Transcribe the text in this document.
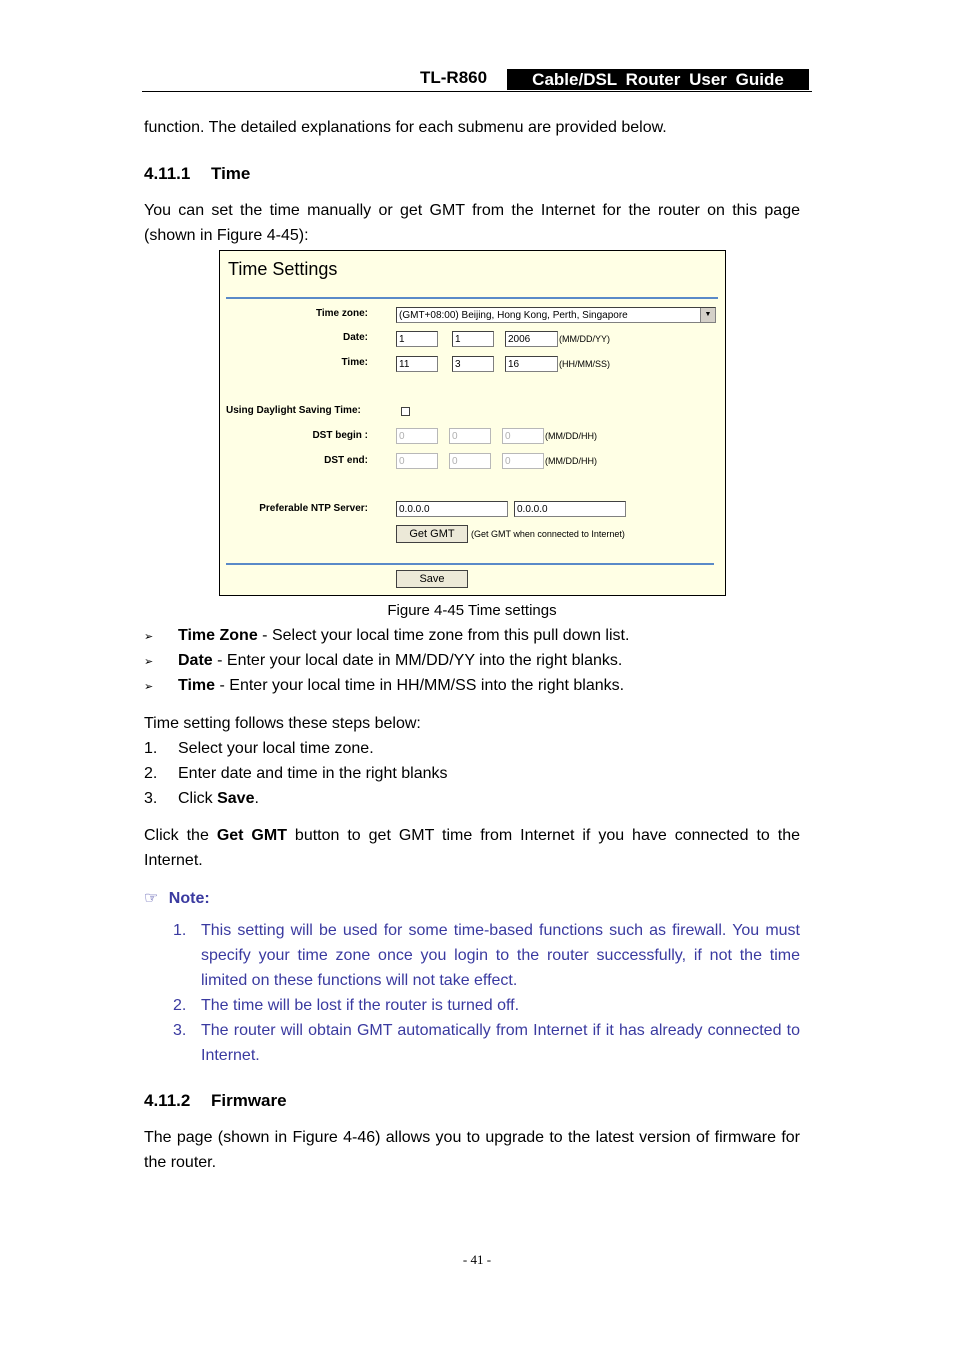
TL-R860	Cable/DSL Router User Guide
function. The detailed explanations for each submenu are provided below.
4.11.1 Time
You can set the time manually or get GMT from the Internet for the router on this page (shown in Figure 4-45):
Time Settings
Time zone:	(GMT+08:00) Beijing, Hong Kong, Perth, Singapore	▼
Date:	1	1	2006	(MM/DD/YY)
Time:	11	3	16	(HH/MM/SS)
Using Daylight Saving Time:
DST begin :	0	0	0	(MM/DD/HH)
DST end:	0	0	0	(MM/DD/HH)
Preferable NTP Server:	0.0.0.0	0.0.0.0
Get GMT	(Get GMT when connected to Internet)
Save
Figure 4-45 Time settings
➢ Time Zone - Select your local time zone from this pull down list.
➢ Date - Enter your local date in MM/DD/YY into the right blanks.
➢ Time - Enter your local time in HH/MM/SS into the right blanks.
Time setting follows these steps below:
1. Select your local time zone.
2. Enter date and time in the right blanks
3. Click Save.
Click the Get GMT button to get GMT time from Internet if you have connected to the Internet.
☞ Note:
1. This setting will be used for some time-based functions such as firewall. You must specify your time zone once you login to the router successfully, if not the time limited on these functions will not take effect.
2. The time will be lost if the router is turned off.
3. The router will obtain GMT automatically from Internet if it has already connected to Internet.
4.11.2 Firmware
The page (shown in Figure 4-46) allows you to upgrade to the latest version of firmware for the router.
- 41 -
